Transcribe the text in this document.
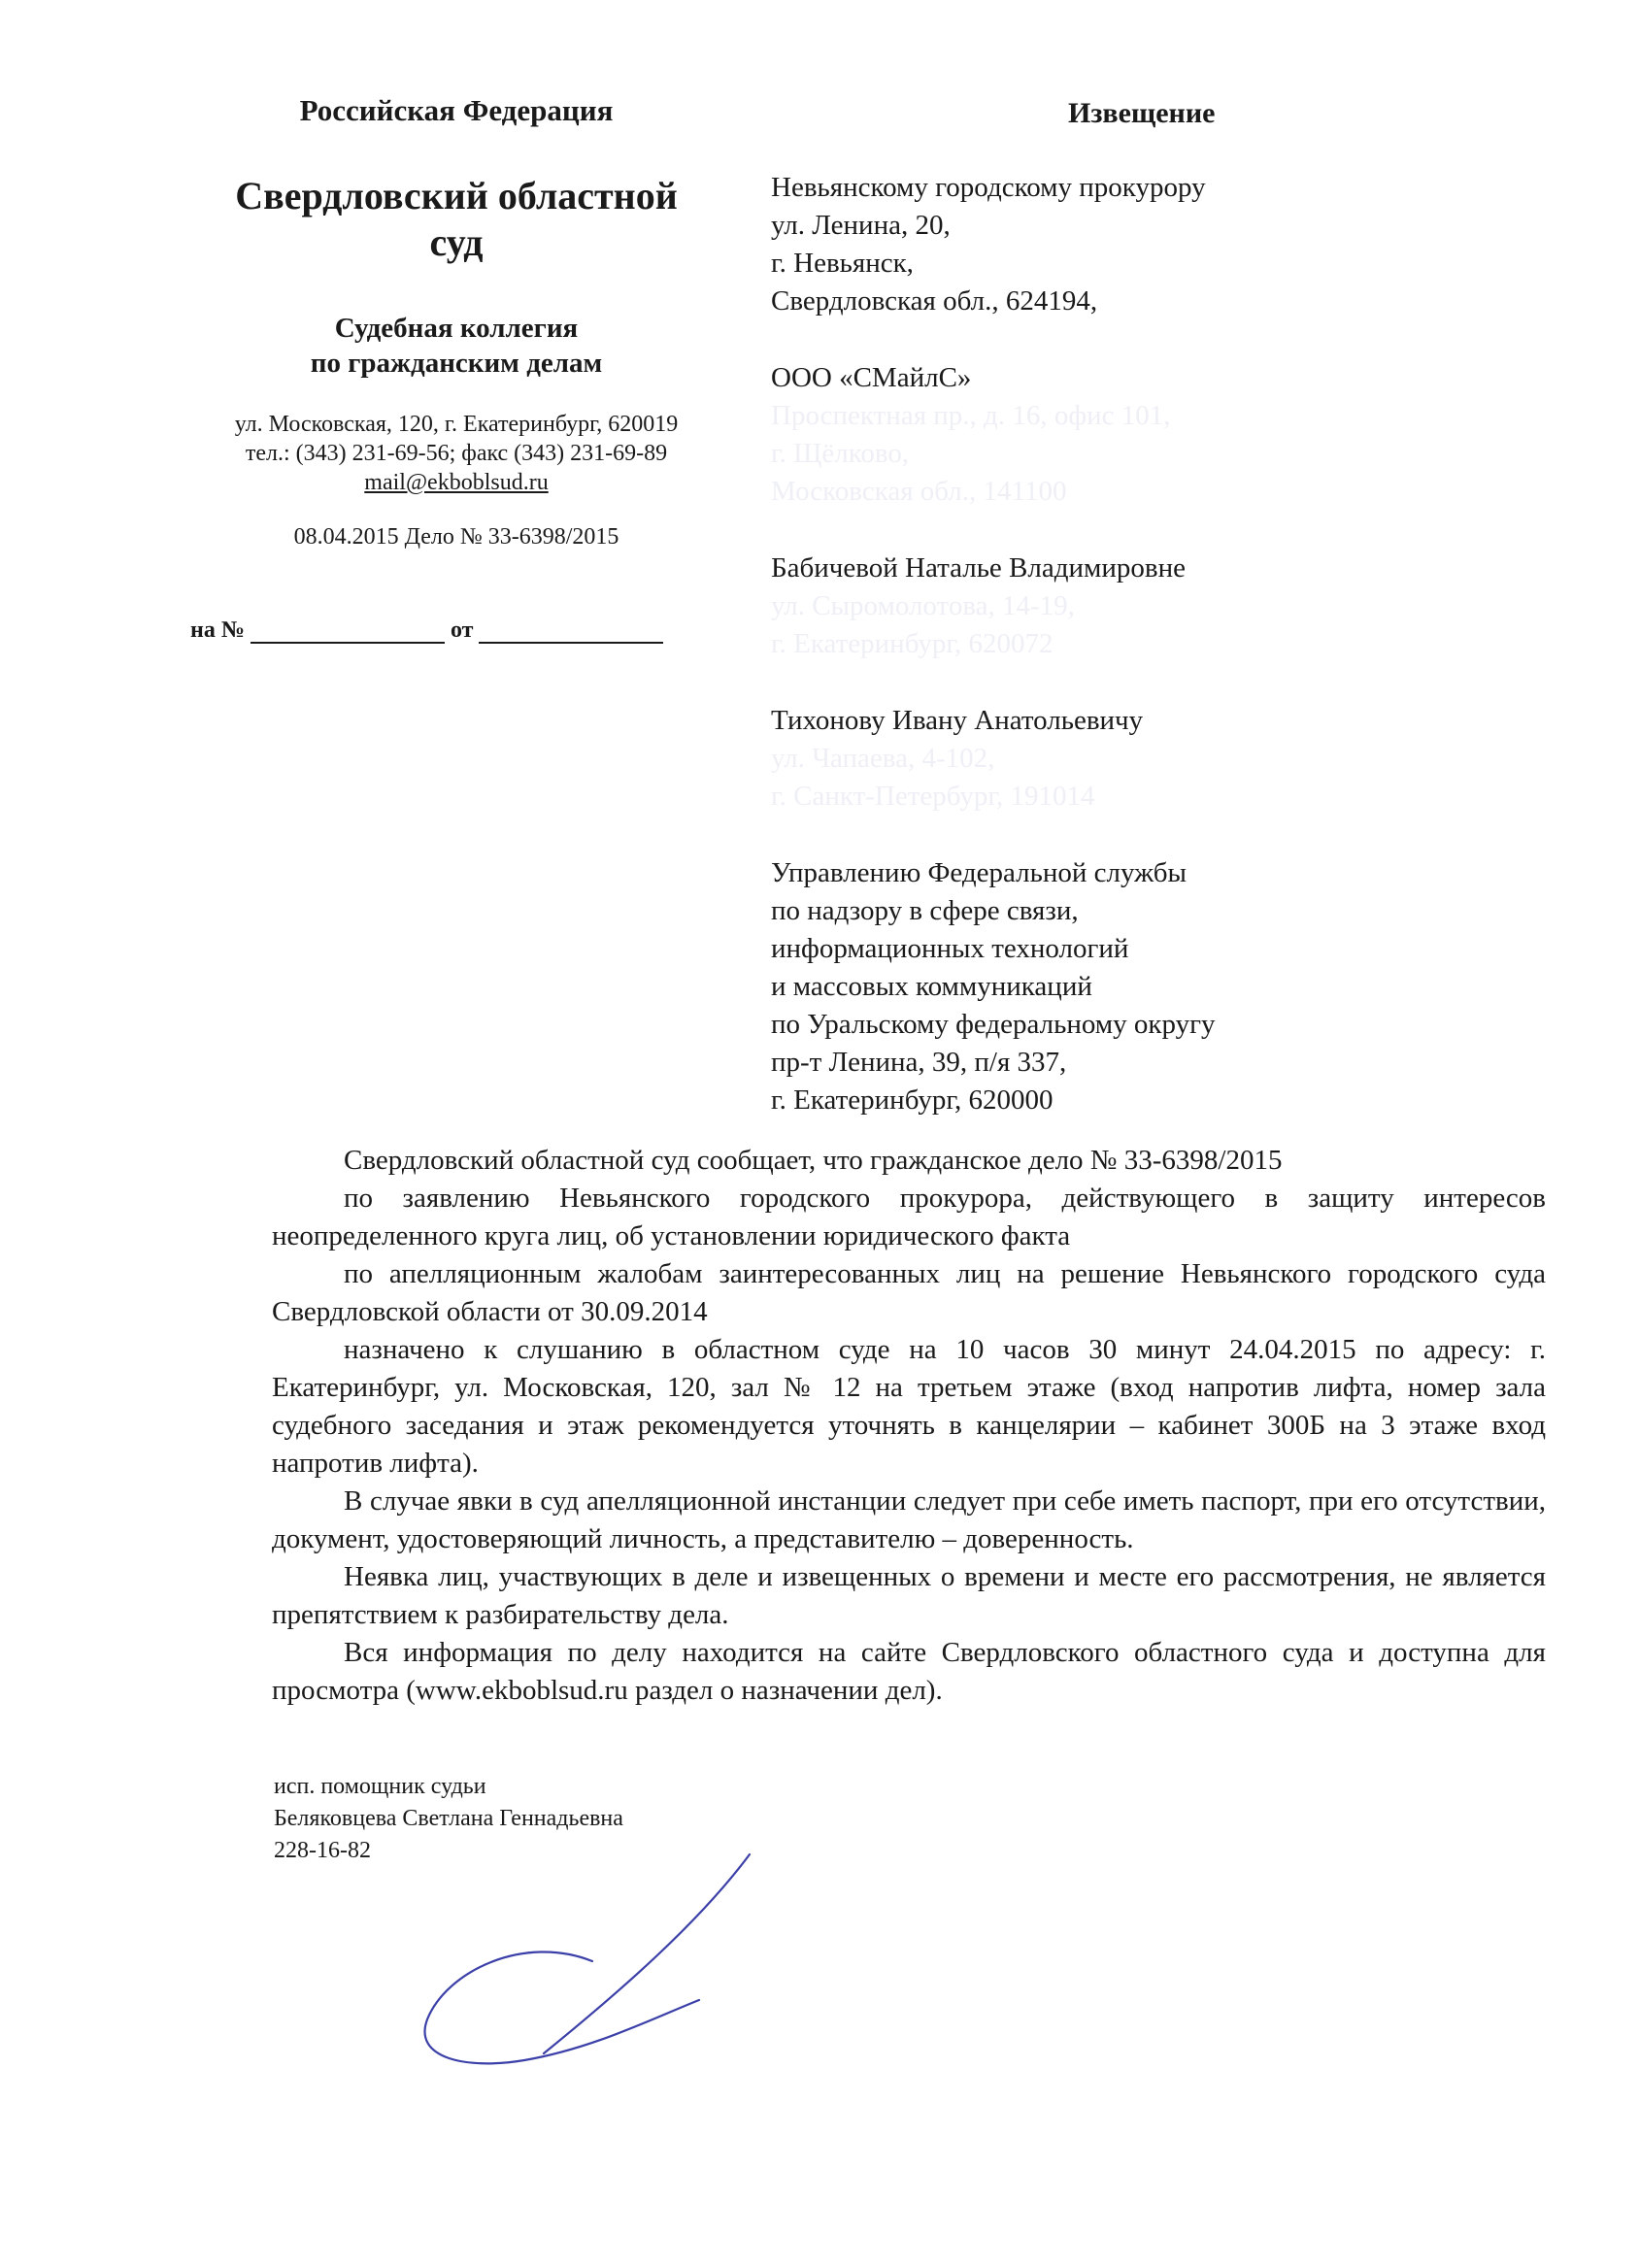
Российская Федерация
Свердловский областной суд
Судебная коллегия
по гражданским делам
ул. Московская, 120, г. Екатеринбург, 620019
тел.: (343) 231-69-56; факс (343) 231-69-89
mail@ekboblsud.ru
08.04.2015 Дело № 33-6398/2015
на №	от
Извещение
Невьянскому городскому прокурору
ул. Ленина, 20,
г. Невьянск,
Свердловская обл., 624194,
ООО «СМайлС»
Проспектная пр., д. 16, офис 101,
г. Щёлково,
Московская обл., 141100
Бабичевой Наталье Владимировне
ул. Сыромолотова, 14-19,
г. Екатеринбург, 620072
Тихонову Ивану Анатольевичу
ул. Чапаева, 4-102,
г. Санкт-Петербург, 191014
Управлению Федеральной службы
по надзору в сфере связи,
информационных технологий
и массовых коммуникаций
по Уральскому федеральному округу
пр-т Ленина, 39, п/я 337,
г. Екатеринбург, 620000

Свердловский областной суд сообщает, что гражданское дело № 33-6398/2015

по заявлению Невьянского городского прокурора, действующего в защиту интересов неопределенного круга лиц, об установлении юридического факта

по апелляционным жалобам заинтересованных лиц на решение Невьянского городского суда Свердловской области от 30.09.2014

назначено к слушанию в областном суде на 10 часов 30 минут 24.04.2015 по адресу: г. Екатеринбург, ул. Московская, 120, зал № 12 на третьем этаже (вход напротив лифта, номер зала судебного заседания и этаж рекомендуется уточнять в канцелярии – кабинет 300Б на 3 этаже вход напротив лифта).

В случае явки в суд апелляционной инстанции следует при себе иметь паспорт, при его отсутствии, документ, удостоверяющий личность, а представителю – доверенность.

Неявка лиц, участвующих в деле и извещенных о времени и месте его рассмотрения, не является препятствием к разбирательству дела.

Вся информация по делу находится на сайте Свердловского областного суда и доступна для просмотра (www.ekboblsud.ru раздел о назначении дел).

исп. помощник судьи
Беляковцева Светлана Геннадьевна
228-16-82
